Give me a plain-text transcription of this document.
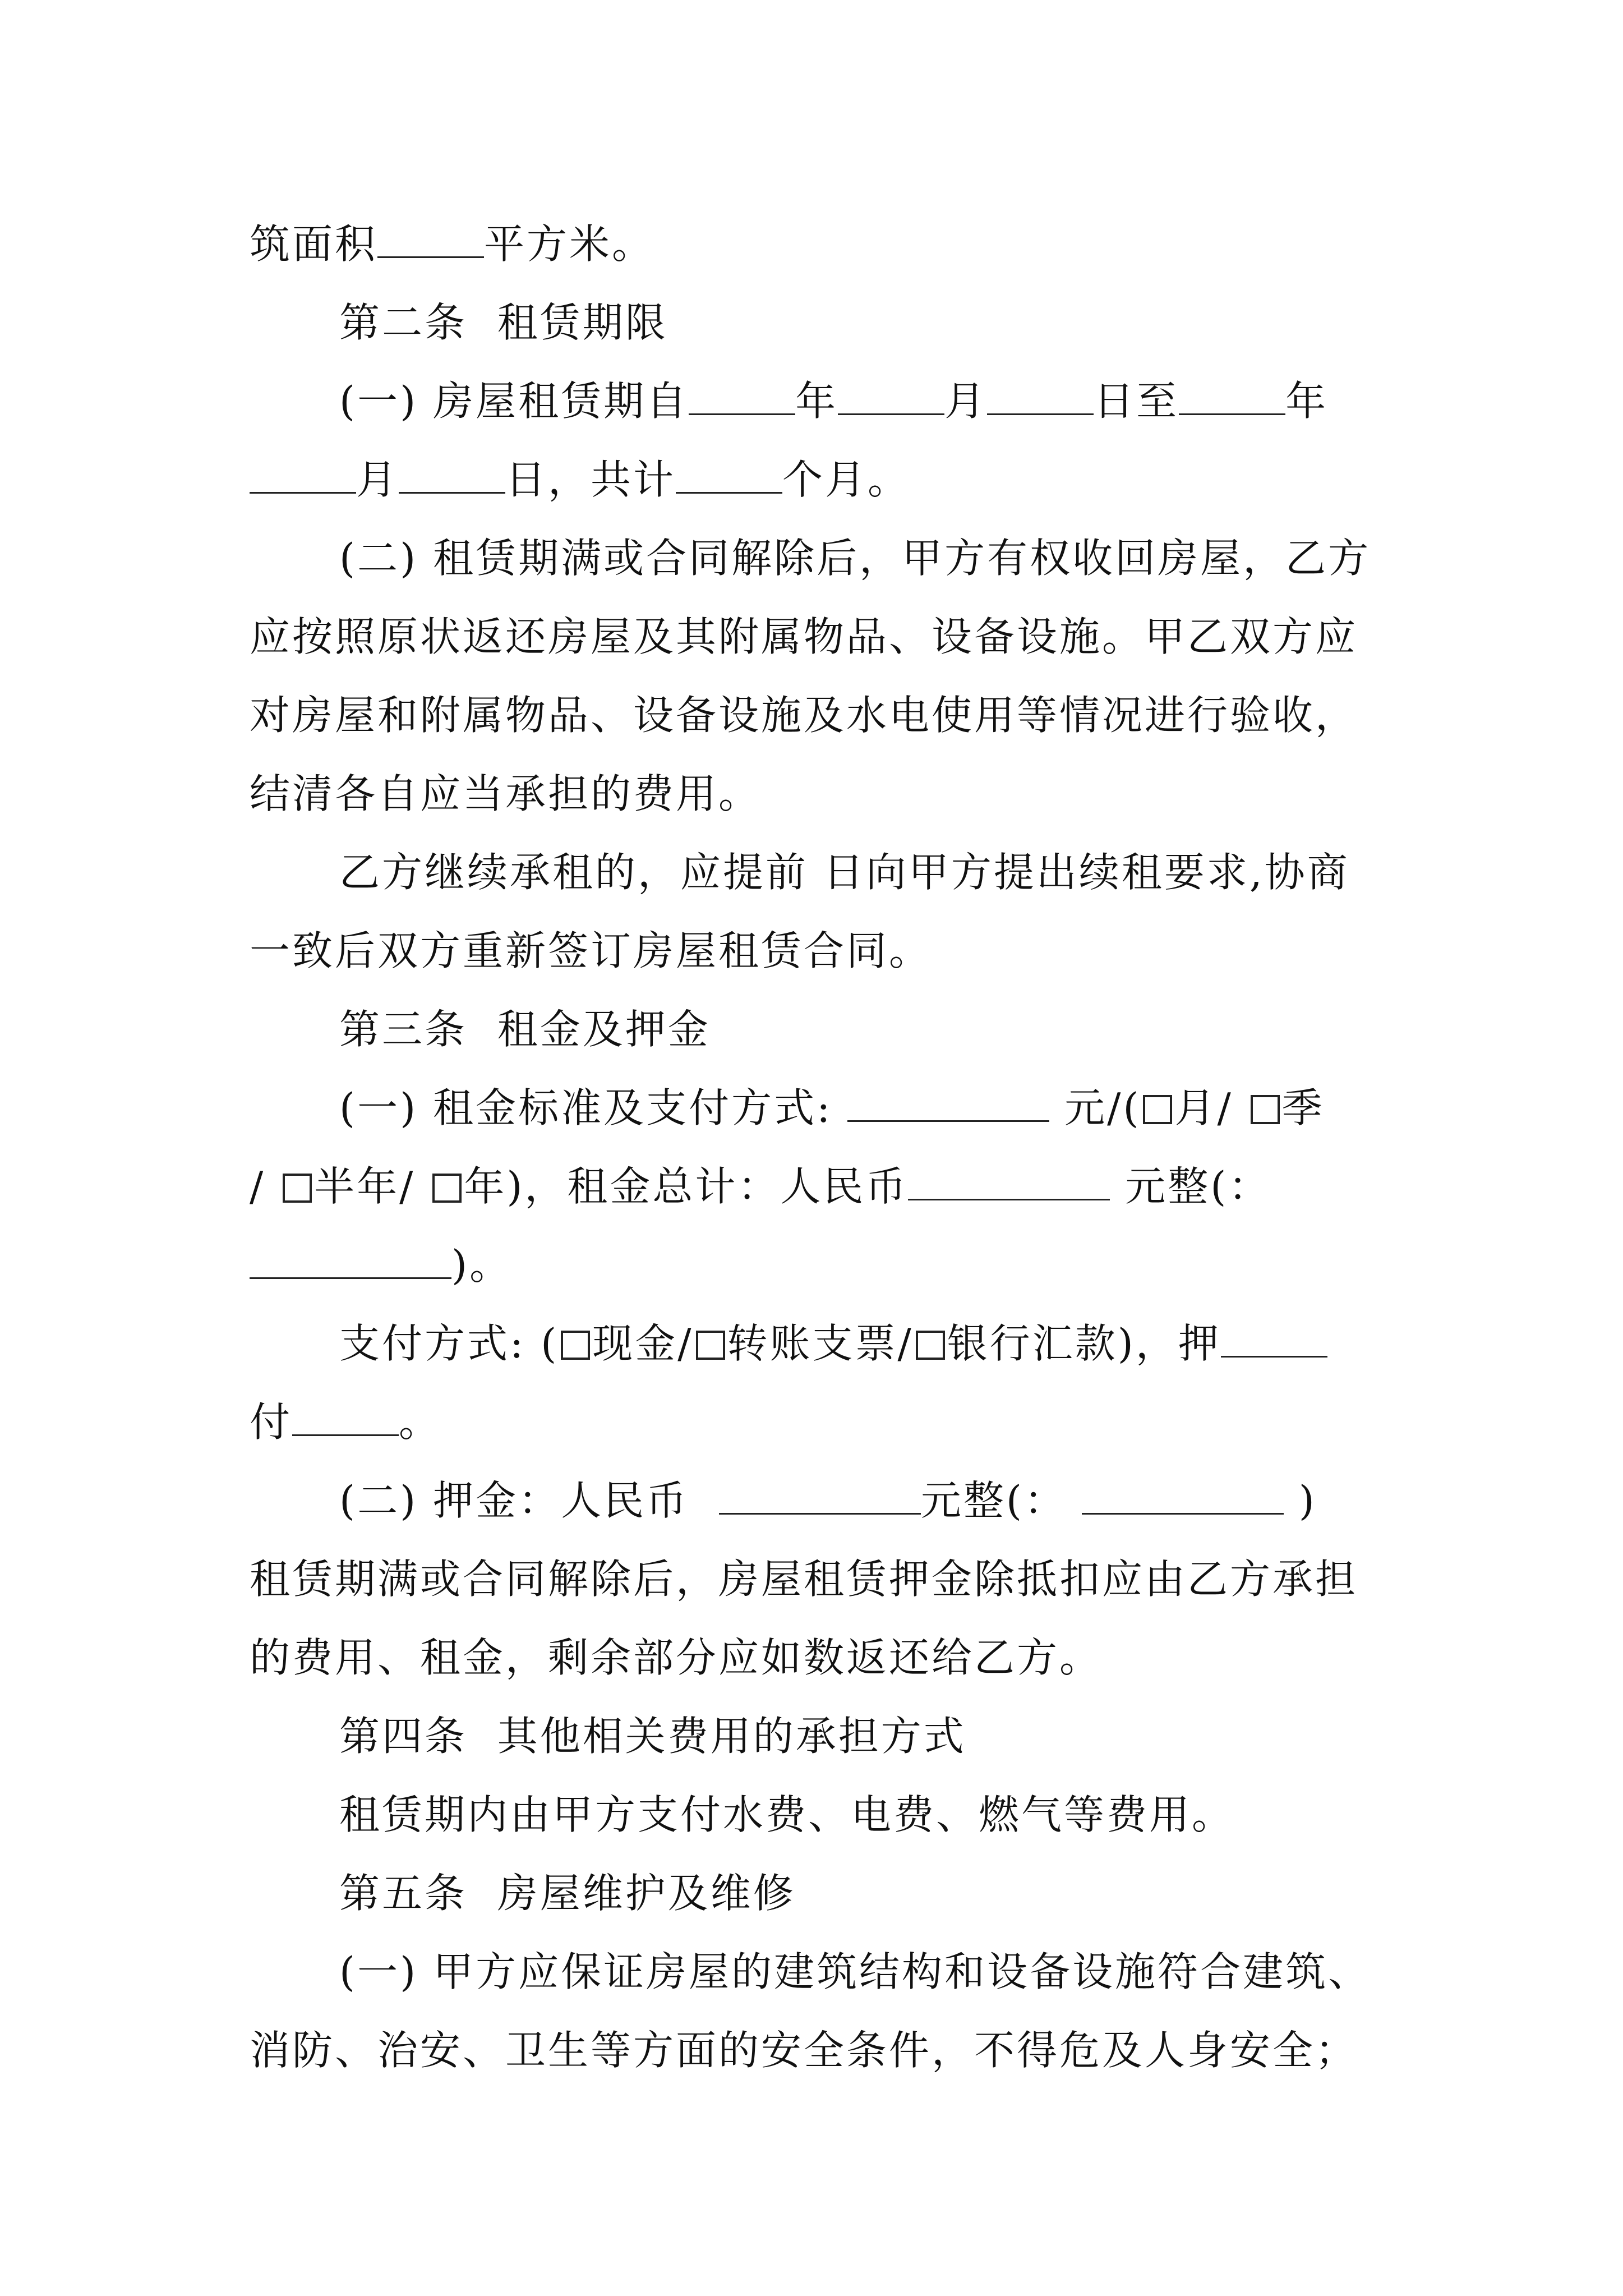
筑面积	平方米。
第二条  租赁期限
(一) 房屋租赁期自	年	月	日至	年
月	日，共计	个月。
(二) 租赁期满或合同解除后，甲方有权收回房屋，乙方
应按照原状返还房屋及其附属物品、设备设施。甲乙双方应
对房屋和附属物品、设备设施及水电使用等情况进行验收，
结清各自应当承担的费用。
乙方继续承租的，应提前 日向甲方提出续租要求,协商
一致后双方重新签订房屋租赁合同。
第三条  租金及押金
(一) 租金标准及支付方式:	元/( 月/ 季
/ 半年/ 年)，租金总计：人民币	元整(：
)。
支付方式: ( 现金/ 转账支票/ 银行汇款)，押
付	。
(二) 押金：人民币	元整(：	)
租赁期满或合同解除后，房屋租赁押金除抵扣应由乙方承担
的费用、租金，剩余部分应如数返还给乙方。
第四条  其他相关费用的承担方式
租赁期内由甲方支付水费、电费、燃气等费用。
第五条  房屋维护及维修
(一) 甲方应保证房屋的建筑结构和设备设施符合建筑、
消防、治安、卫生等方面的安全条件，不得危及人身安全；
